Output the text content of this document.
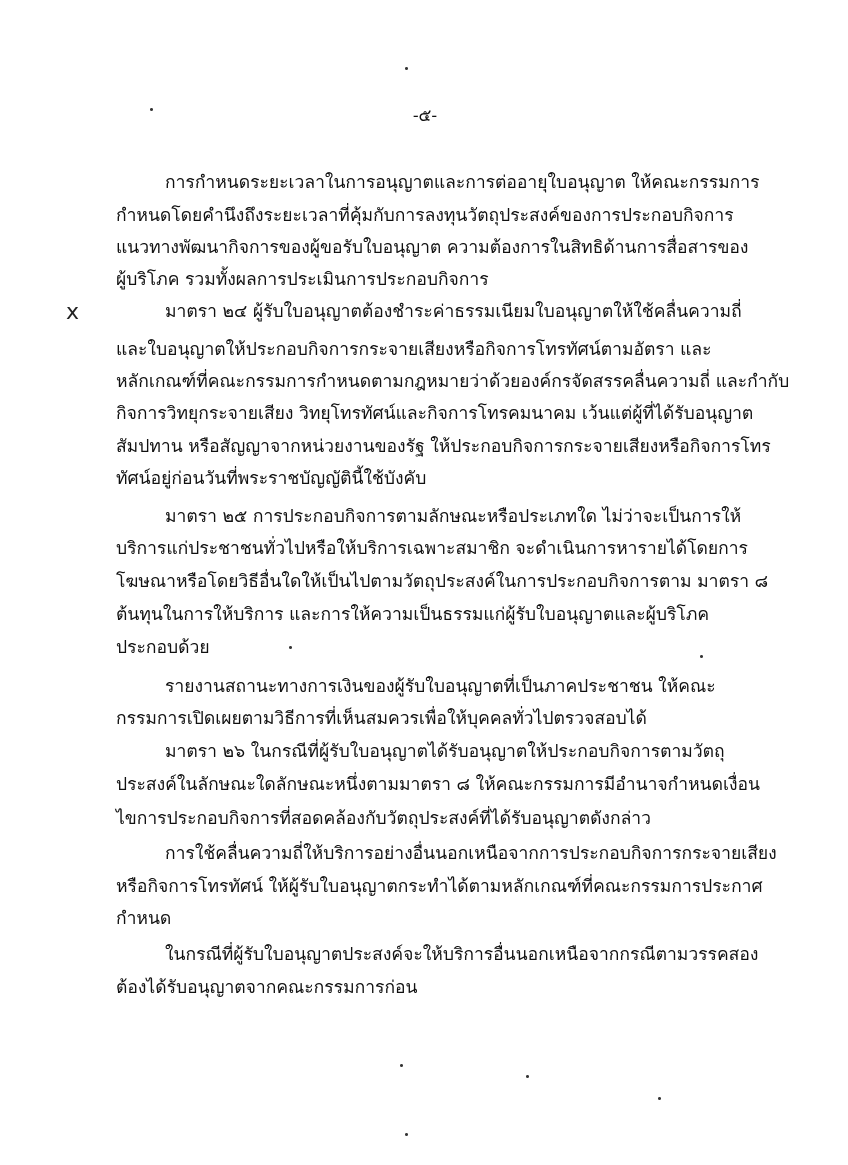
-๕-
ⅹ
การกำหนดระยะเวลาในการอนุญาตและการต่ออายุใบอนุญาต ให้คณะกรรมการ
กำหนดโดยคำนึงถึงระยะเวลาที่คุ้มกับการลงทุนวัตถุประสงค์ของการประกอบกิจการ
แนวทางพัฒนากิจการของผู้ขอรับใบอนุญาต ความต้องการในสิทธิด้านการสื่อสารของ
ผู้บริโภค รวมทั้งผลการประเมินการประกอบกิจการ
มาตรา ๒๔ ผู้รับใบอนุญาตต้องชำระค่าธรรมเนียมใบอนุญาตให้ใช้คลื่นความถี่
และใบอนุญาตให้ประกอบกิจการกระจายเสียงหรือกิจการโทรทัศน์ตามอัตรา และ
หลักเกณฑ์ที่คณะกรรมการกำหนดตามกฎหมายว่าด้วยองค์กรจัดสรรคลื่นความถี่ และกำกับ
กิจการวิทยุกระจายเสียง วิทยุโทรทัศน์และกิจการโทรคมนาคม เว้นแต่ผู้ที่ได้รับอนุญาต
สัมปทาน หรือสัญญาจากหน่วยงานของรัฐ ให้ประกอบกิจการกระจายเสียงหรือกิจการโทร
ทัศน์อยู่ก่อนวันที่พระราชบัญญัตินี้ใช้บังคับ
มาตรา ๒๕ การประกอบกิจการตามลักษณะหรือประเภทใด ไม่ว่าจะเป็นการให้
บริการแก่ประชาชนทั่วไปหรือให้บริการเฉพาะสมาชิก จะดำเนินการหารายได้โดยการ
โฆษณาหรือโดยวิธีอื่นใดให้เป็นไปตามวัตถุประสงค์ในการประกอบกิจการตาม มาตรา ๘
ต้นทุนในการให้บริการ และการให้ความเป็นธรรมแก่ผู้รับใบอนุญาตและผู้บริโภค
ประกอบด้วย
รายงานสถานะทางการเงินของผู้รับใบอนุญาตที่เป็นภาคประชาชน ให้คณะ
กรรมการเปิดเผยตามวิธีการที่เห็นสมควรเพื่อให้บุคคลทั่วไปตรวจสอบได้
มาตรา ๒๖ ในกรณีที่ผู้รับใบอนุญาตได้รับอนุญาตให้ประกอบกิจการตามวัตถุ
ประสงค์ในลักษณะใดลักษณะหนึ่งตามมาตรา ๘ ให้คณะกรรมการมีอำนาจกำหนดเงื่อน
ไขการประกอบกิจการที่สอดคล้องกับวัตถุประสงค์ที่ได้รับอนุญาตดังกล่าว
การใช้คลื่นความถี่ให้บริการอย่างอื่นนอกเหนือจากการประกอบกิจการกระจายเสียง
หรือกิจการโทรทัศน์ ให้ผู้รับใบอนุญาตกระทำได้ตามหลักเกณฑ์ที่คณะกรรมการประกาศ
กำหนด
ในกรณีที่ผู้รับใบอนุญาตประสงค์จะให้บริการอื่นนอกเหนือจากกรณีตามวรรคสอง
ต้องได้รับอนุญาตจากคณะกรรมการก่อน
